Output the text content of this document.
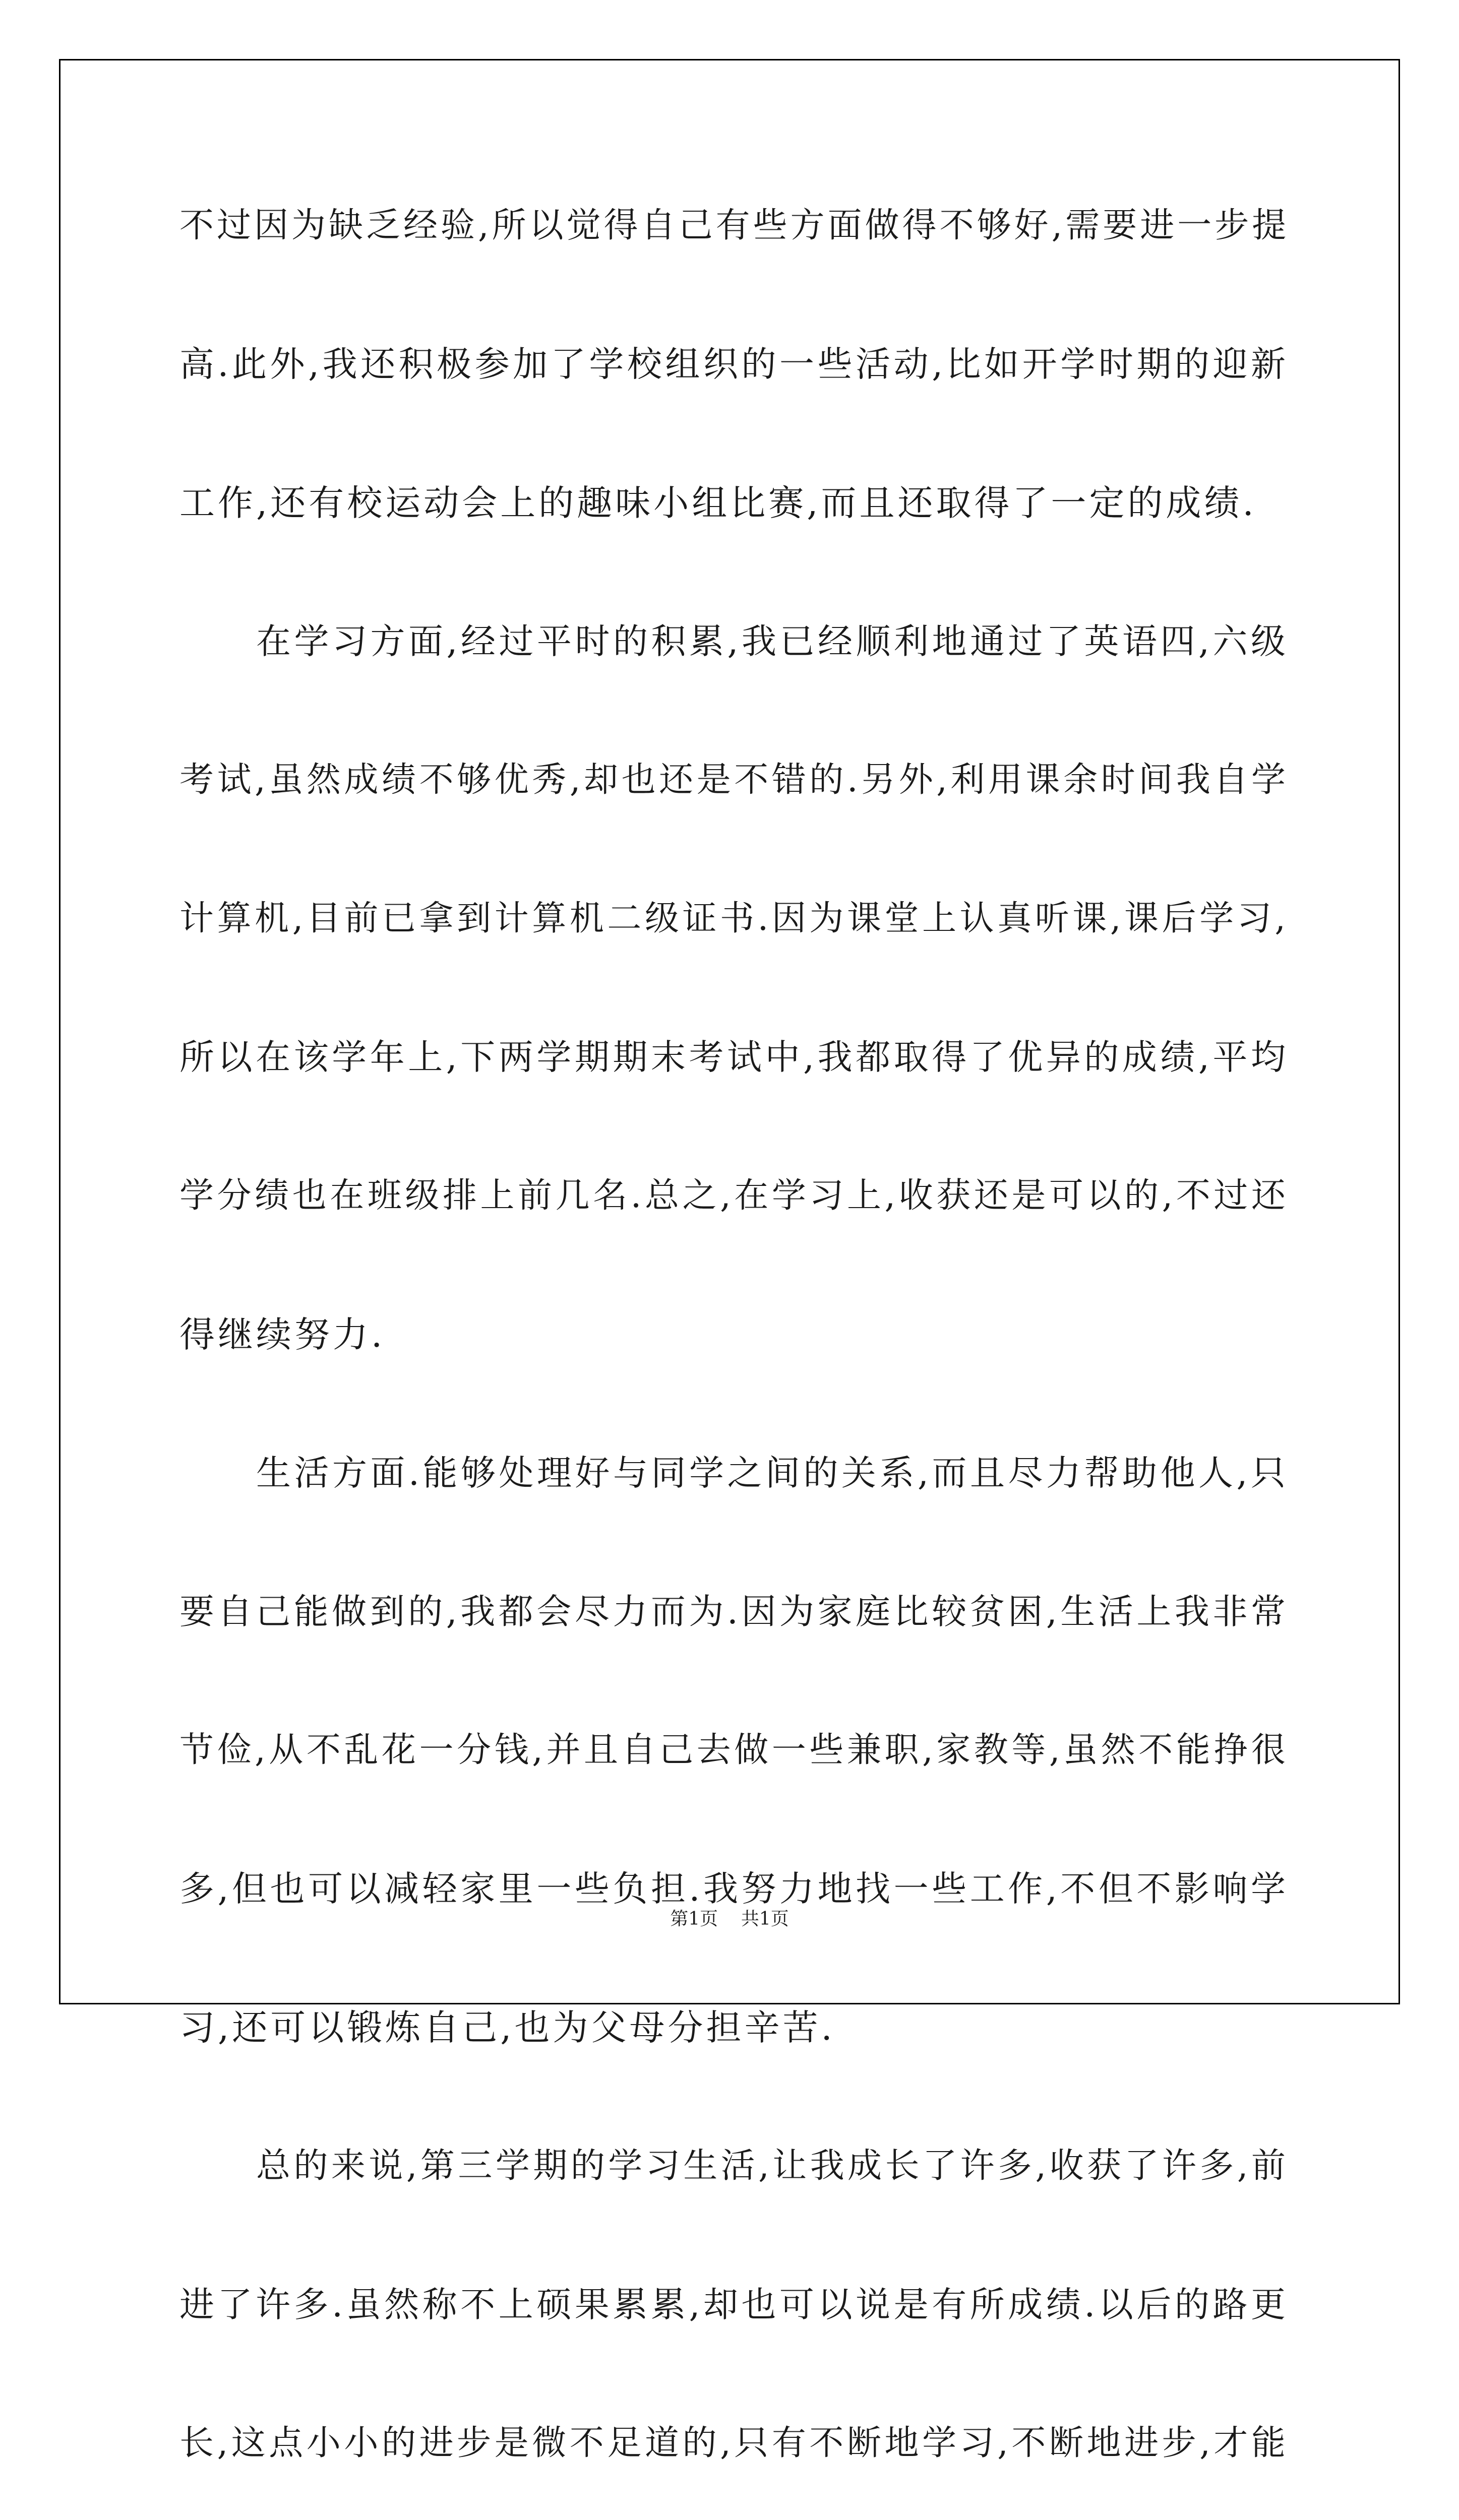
不过因为缺乏经验,所以觉得自己有些方面做得不够好,需要进一步提
高.此外,我还积极参加了学校组织的一些活动,比如开学时期的迎新
工作,还有校运动会上的趣味小组比赛,而且还取得了一定的成绩.
在学习方面,经过平时的积累,我已经顺利地通过了英语四,六级
考试,虽然成绩不够优秀,却也还是不错的.另外,利用课余时间我自学
计算机,目前已拿到计算机二级证书.因为课堂上认真听课,课后学习,
所以在该学年上,下两学期期末考试中,我都取得了优异的成绩,平均
学分绩也在班级排上前几名.总之,在学习上,收获还是可以的,不过还
得继续努力.
生活方面.能够处理好与同学之间的关系,而且尽力帮助他人,只
要自己能做到的,我都会尽力而为.因为家庭比较贫困,生活上我非常
节俭,从不乱花一分钱,并且自己去做一些兼职,家教等,虽然不能挣很
多,但也可以减轻家里一些负担.我努力地找一些工作,不但不影响学
习,还可以锻炼自己,也为父母分担辛苦.
总的来说,第三学期的学习生活,让我成长了许多,收获了许多,前
进了许多.虽然称不上硕果累累,却也可以说是有所成绩.以后的路更
长,这点小小的进步是微不足道的,只有不断地学习,不断地进步,才能
第1页 共1页
